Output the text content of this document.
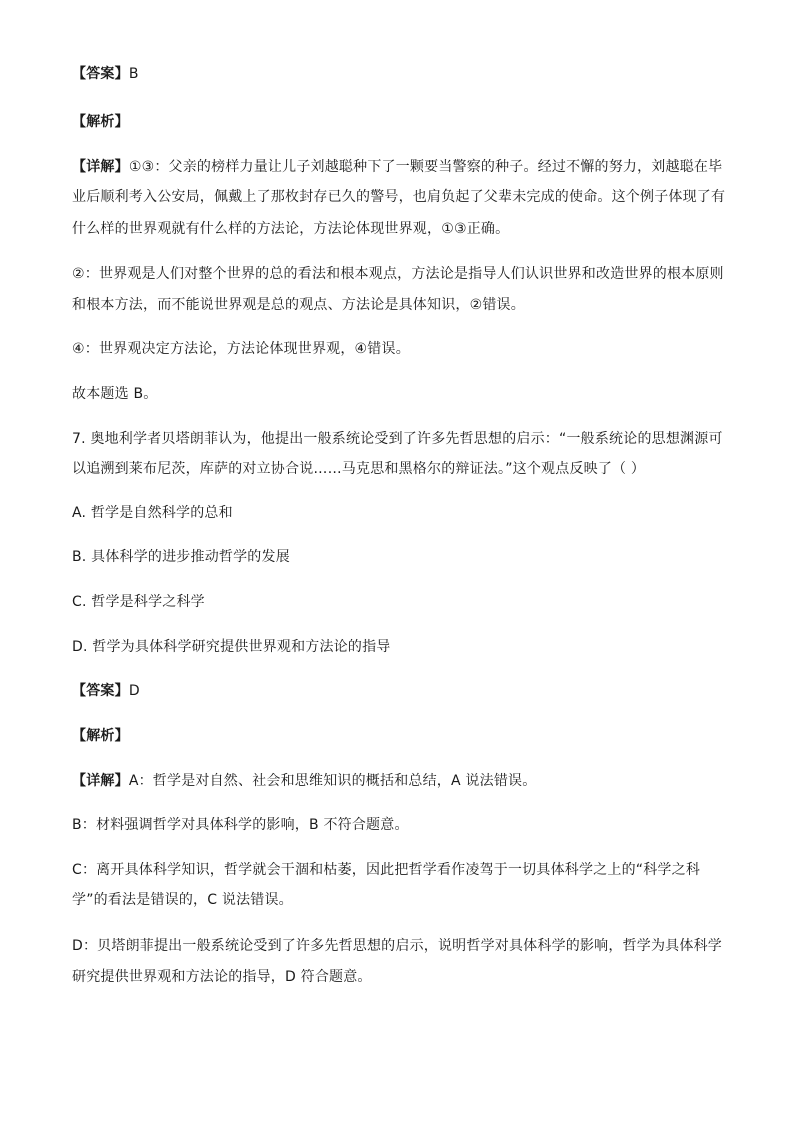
【答案】B
【解析】
【详解】①③：父亲的榜样力量让儿子刘越聪种下了一颗要当警察的种子。经过不懈的努力，刘越聪在毕
业后顺利考入公安局，佩戴上了那枚封存已久的警号，也肩负起了父辈未完成的使命。这个例子体现了有
什么样的世界观就有什么样的方法论，方法论体现世界观，①③正确。
②：世界观是人们对整个世界的总的看法和根本观点，方法论是指导人们认识世界和改造世界的根本原则
和根本方法，而不能说世界观是总的观点、方法论是具体知识，②错误。
④：世界观决定方法论，方法论体现世界观，④错误。
故本题选 B。
7. 奥地利学者贝塔朗菲认为，他提出一般系统论受到了许多先哲思想的启示：“一般系统论的思想渊源可
以追溯到莱布尼茨，库萨的对立协合说……马克思和黑格尔的辩证法。”这个观点反映了（ ）
A. 哲学是自然科学的总和
B. 具体科学的进步推动哲学的发展
C. 哲学是科学之科学
D. 哲学为具体科学研究提供世界观和方法论的指导
【答案】D
【解析】
【详解】A：哲学是对自然、社会和思维知识的概括和总结，A 说法错误。
B：材料强调哲学对具体科学的影响，B 不符合题意。
C：离开具体科学知识，哲学就会干涸和枯萎，因此把哲学看作凌驾于一切具体科学之上的“科学之科
学”的看法是错误的，C 说法错误。
D：贝塔朗菲提出一般系统论受到了许多先哲思想的启示，说明哲学对具体科学的影响，哲学为具体科学
研究提供世界观和方法论的指导，D 符合题意。
